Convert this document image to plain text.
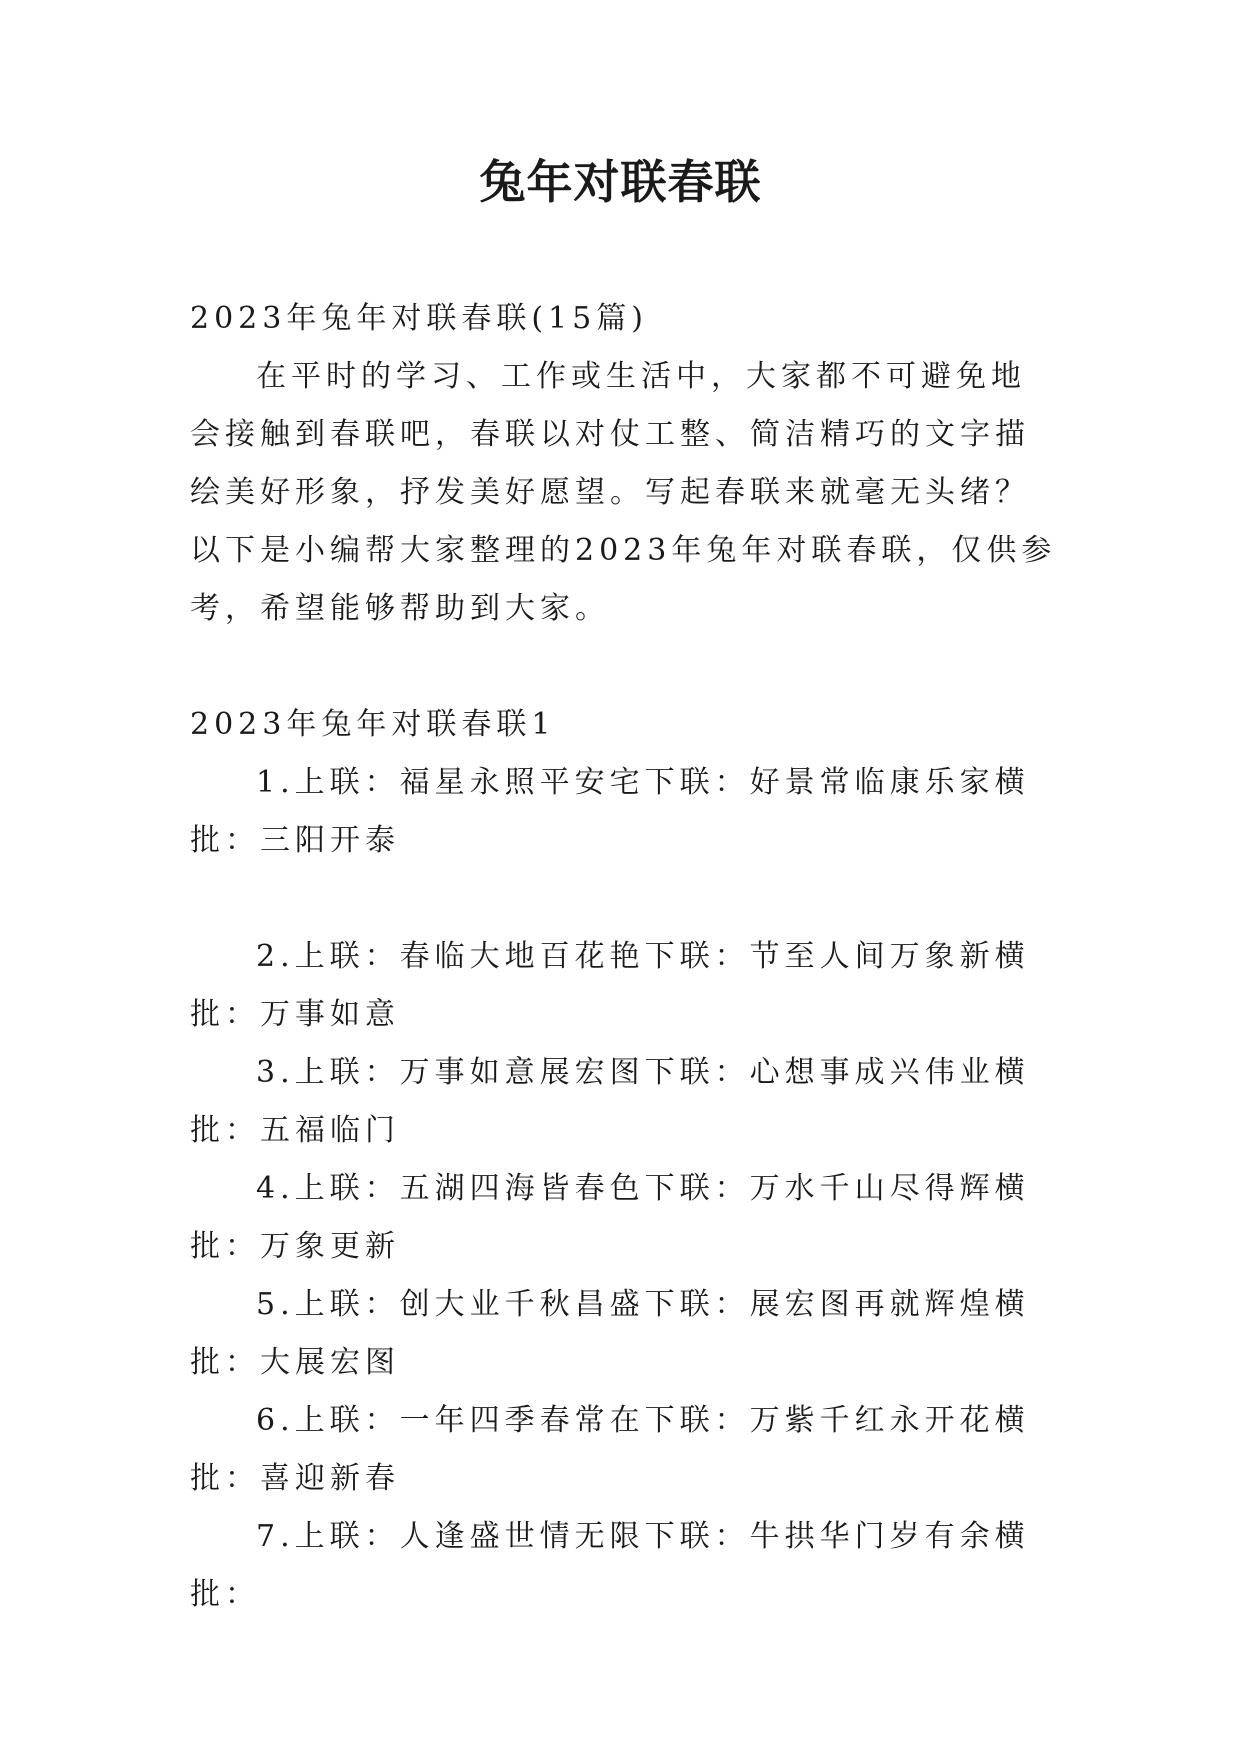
兔年对联春联

2023年兔年对联春联(15篇)

在平时的学习、工作或生活中，大家都不可避免地会接触到春联吧，春联以对仗工整、简洁精巧的文字描绘美好形象，抒发美好愿望。写起春联来就毫无头绪？以下是小编帮大家整理的2023年兔年对联春联，仅供参考，希望能够帮助到大家。

2023年兔年对联春联1

1.上联：福星永照平安宅下联：好景常临康乐家横批：三阳开泰

2.上联：春临大地百花艳下联：节至人间万象新横批：万事如意

3.上联：万事如意展宏图下联：心想事成兴伟业横批：五福临门

4.上联：五湖四海皆春色下联：万水千山尽得辉横批：万象更新

5.上联：创大业千秋昌盛下联：展宏图再就辉煌横批：大展宏图

6.上联：一年四季春常在下联：万紫千红永开花横批：喜迎新春

7.上联：人逢盛世情无限下联：牛拱华门岁有余横批：
